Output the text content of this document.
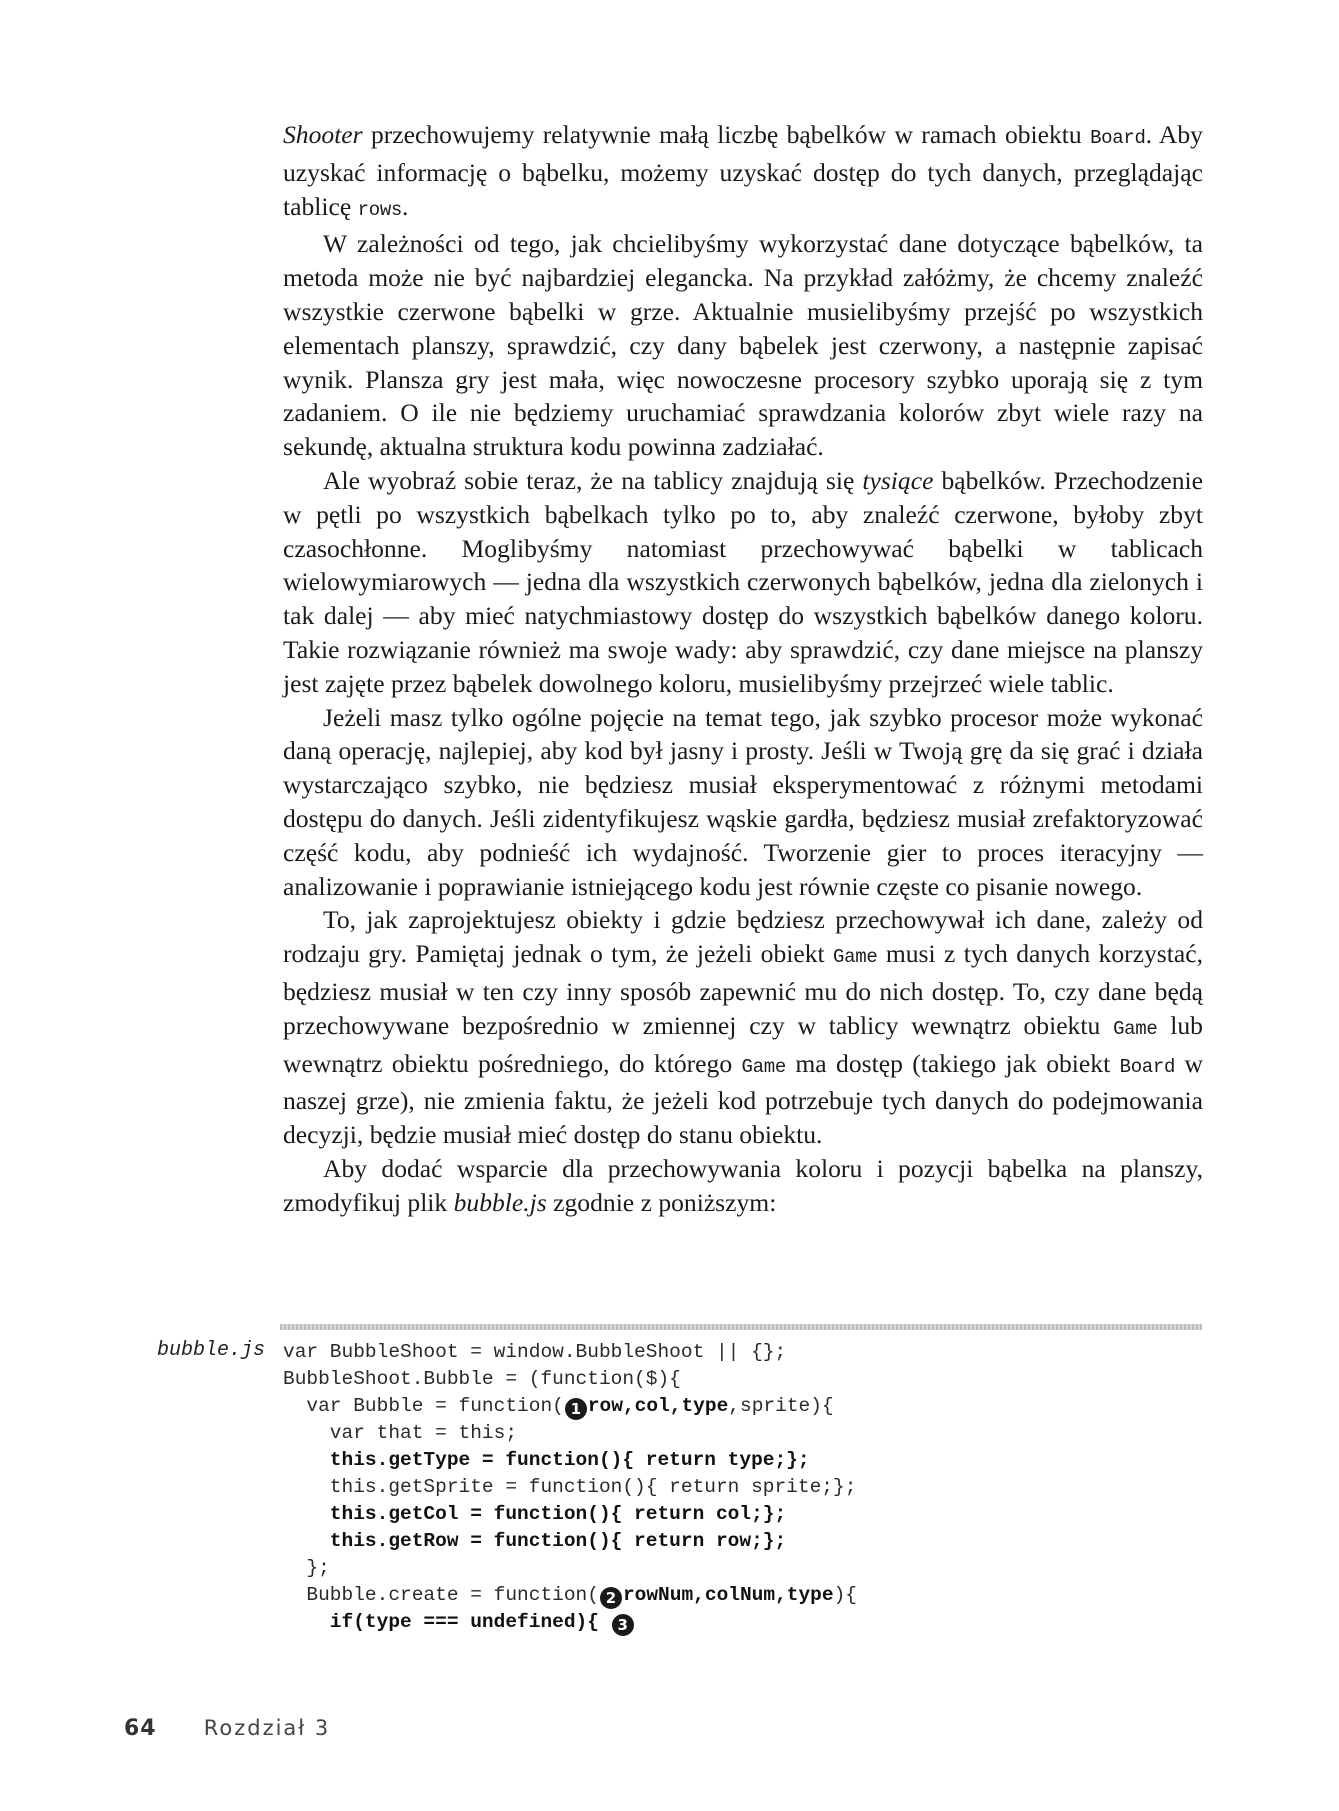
Shooter przechowujemy relatywnie małą liczbę bąbelków w ramach obiektu Board. Aby uzyskać informację o bąbelku, możemy uzyskać dostęp do tych danych, przeglądając tablicę rows.

W zależności od tego, jak chcielibyśmy wykorzystać dane dotyczące bąbelków, ta metoda może nie być najbardziej elegancka. Na przykład załóżmy, że chcemy znaleźć wszystkie czerwone bąbelki w grze. Aktualnie musielibyśmy przejść po wszystkich elementach planszy, sprawdzić, czy dany bąbelek jest czerwony, a następnie zapisać wynik. Plansza gry jest mała, więc nowoczesne procesory szybko uporają się z tym zadaniem. O ile nie będziemy uruchamiać sprawdzania kolorów zbyt wiele razy na sekundę, aktualna struktura kodu powinna zadziałać.

Ale wyobraź sobie teraz, że na tablicy znajdują się tysiące bąbelków. Przechodzenie w pętli po wszystkich bąbelkach tylko po to, aby znaleźć czerwone, byłoby zbyt czasochłonne. Moglibyśmy natomiast przechowywać bąbelki w tablicach wielowymiarowych — jedna dla wszystkich czerwonych bąbelków, jedna dla zielonych i tak dalej — aby mieć natychmiastowy dostęp do wszystkich bąbelków danego koloru. Takie rozwiązanie również ma swoje wady: aby sprawdzić, czy dane miejsce na planszy jest zajęte przez bąbelek dowolnego koloru, musielibyśmy przejrzeć wiele tablic.

Jeżeli masz tylko ogólne pojęcie na temat tego, jak szybko procesor może wykonać daną operację, najlepiej, aby kod był jasny i prosty. Jeśli w Twoją grę da się grać i działa wystarczająco szybko, nie będziesz musiał eksperymentować z różnymi metodami dostępu do danych. Jeśli zidentyfikujesz wąskie gardła, będziesz musiał zrefaktoryzować część kodu, aby podnieść ich wydajność. Tworzenie gier to proces iteracyjny — analizowanie i poprawianie istniejącego kodu jest równie częste co pisanie nowego.

To, jak zaprojektujesz obiekty i gdzie będziesz przechowywał ich dane, zależy od rodzaju gry. Pamiętaj jednak o tym, że jeżeli obiekt Game musi z tych danych korzystać, będziesz musiał w ten czy inny sposób zapewnić mu do nich dostęp. To, czy dane będą przechowywane bezpośrednio w zmiennej czy w tablicy wewnątrz obiektu Game lub wewnątrz obiektu pośredniego, do którego Game ma dostęp (takiego jak obiekt Board w naszej grze), nie zmienia faktu, że jeżeli kod potrzebuje tych danych do podejmowania decyzji, będzie musiał mieć dostęp do stanu obiektu.

Aby dodać wsparcie dla przechowywania koloru i pozycji bąbelka na planszy, zmodyfikuj plik bubble.js zgodnie z poniższym:

bubble.js var BubbleShoot = window.BubbleShoot || {};
BubbleShoot.Bubble = (function($){
var Bubble = function( 1 row,col,type,sprite){
var that = this;
this.getType = function(){ return type;};
this.getSprite = function(){ return sprite;};
this.getCol = function(){ return col;};
this.getRow = function(){ return row;};
};
Bubble.create = function( 2 rowNum,colNum,type){
if(type === undefined){ 3
64 Rozdział 3
